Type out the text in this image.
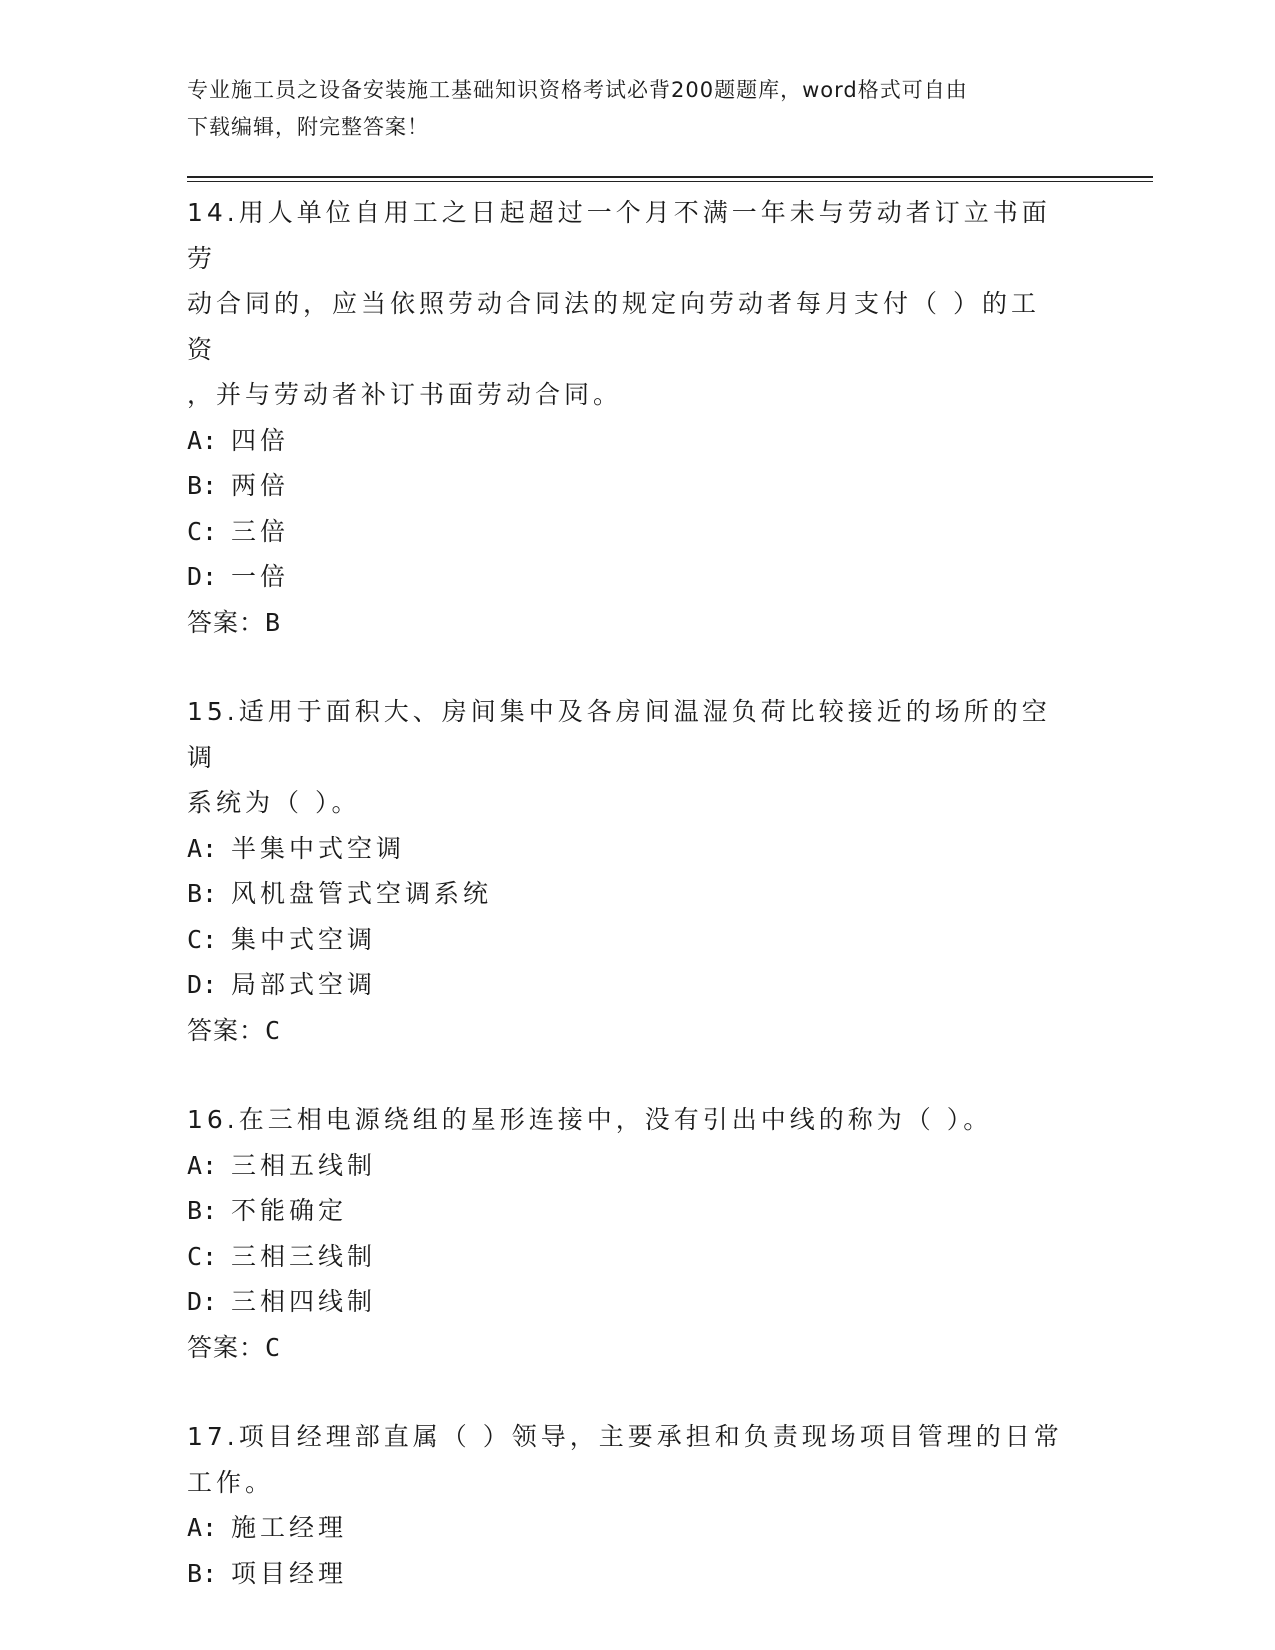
专业施工员之设备安装施工基础知识资格考试必背200题题库，word格式可自由
下载编辑，附完整答案！

14.用人单位自用工之日起超过一个月不满一年未与劳动者订立书面劳

动合同的，应当依照劳动合同法的规定向劳动者每月支付（ ）的工资

，并与劳动者补订书面劳动合同。

A: 四倍

B: 两倍

C: 三倍

D: 一倍

答案：B

15.适用于面积大、房间集中及各房间温湿负荷比较接近的场所的空调

系统为（ ）。

A: 半集中式空调

B: 风机盘管式空调系统

C: 集中式空调

D: 局部式空调

答案：C

16.在三相电源绕组的星形连接中，没有引出中线的称为（ ）。

A: 三相五线制

B: 不能确定

C: 三相三线制

D: 三相四线制

答案：C

17.项目经理部直属（ ）领导，主要承担和负责现场项目管理的日常

工作。

A: 施工经理

B: 项目经理
